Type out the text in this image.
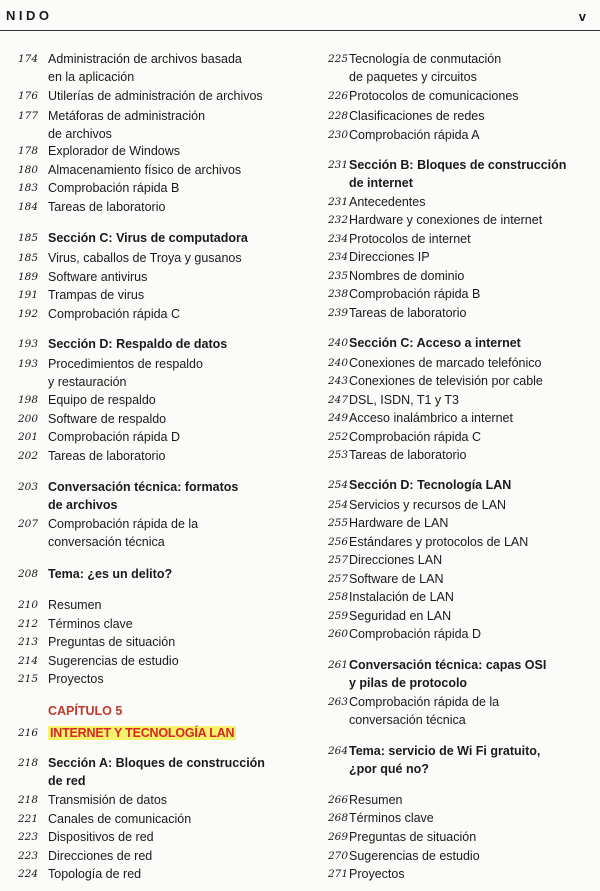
NIDO	v
174 Administración de archivos basada
en la aplicación
176 Utilerías de administración de archivos
177 Metáforas de administración
de archivos
178 Explorador de Windows
180 Almacenamiento físico de archivos
183 Comprobación rápida B
184 Tareas de laboratorio
185 Sección C: Virus de computadora
185 Virus, caballos de Troya y gusanos
189 Software antivirus
191 Trampas de virus
192 Comprobación rápida C
193 Sección D: Respaldo de datos
193 Procedimientos de respaldo
y restauración
198 Equipo de respaldo
200 Software de respaldo
201 Comprobación rápida D
202 Tareas de laboratorio
203 Conversación técnica: formatos
de archivos
207 Comprobación rápida de la
conversación técnica
208 Tema: ¿es un delito?
210 Resumen
212 Términos clave
213 Preguntas de situación
214 Sugerencias de estudio
215 Proyectos
CAPÍTULO 5
216 INTERNET Y TECNOLOGÍA LAN
218 Sección A: Bloques de construcción
de red
218 Transmisión de datos
221 Canales de comunicación
223 Dispositivos de red
223 Direcciones de red
224 Topología de red
225 Tecnología de conmutación
de paquetes y circuitos
226 Protocolos de comunicaciones
228 Clasificaciones de redes
230 Comprobación rápida A
231 Sección B: Bloques de construcción
de internet
231 Antecedentes
232 Hardware y conexiones de internet
234 Protocolos de internet
234 Direcciones IP
235 Nombres de dominio
238 Comprobación rápida B
239 Tareas de laboratorio
240 Sección C: Acceso a internet
240 Conexiones de marcado telefónico
243 Conexiones de televisión por cable
247 DSL, ISDN, T1 y T3
249 Acceso inalámbrico a internet
252 Comprobación rápida C
253 Tareas de laboratorio
254 Sección D: Tecnología LAN
254 Servicios y recursos de LAN
255 Hardware de LAN
256 Estándares y protocolos de LAN
257 Direcciones LAN
257 Software de LAN
258 Instalación de LAN
259 Seguridad en LAN
260 Comprobación rápida D
261 Conversación técnica: capas OSI
y pilas de protocolo
263 Comprobación rápida de la
conversación técnica
264 Tema: servicio de Wi Fi gratuito,
¿por qué no?
266 Resumen
268 Términos clave
269 Preguntas de situación
270 Sugerencias de estudio
271 Proyectos
